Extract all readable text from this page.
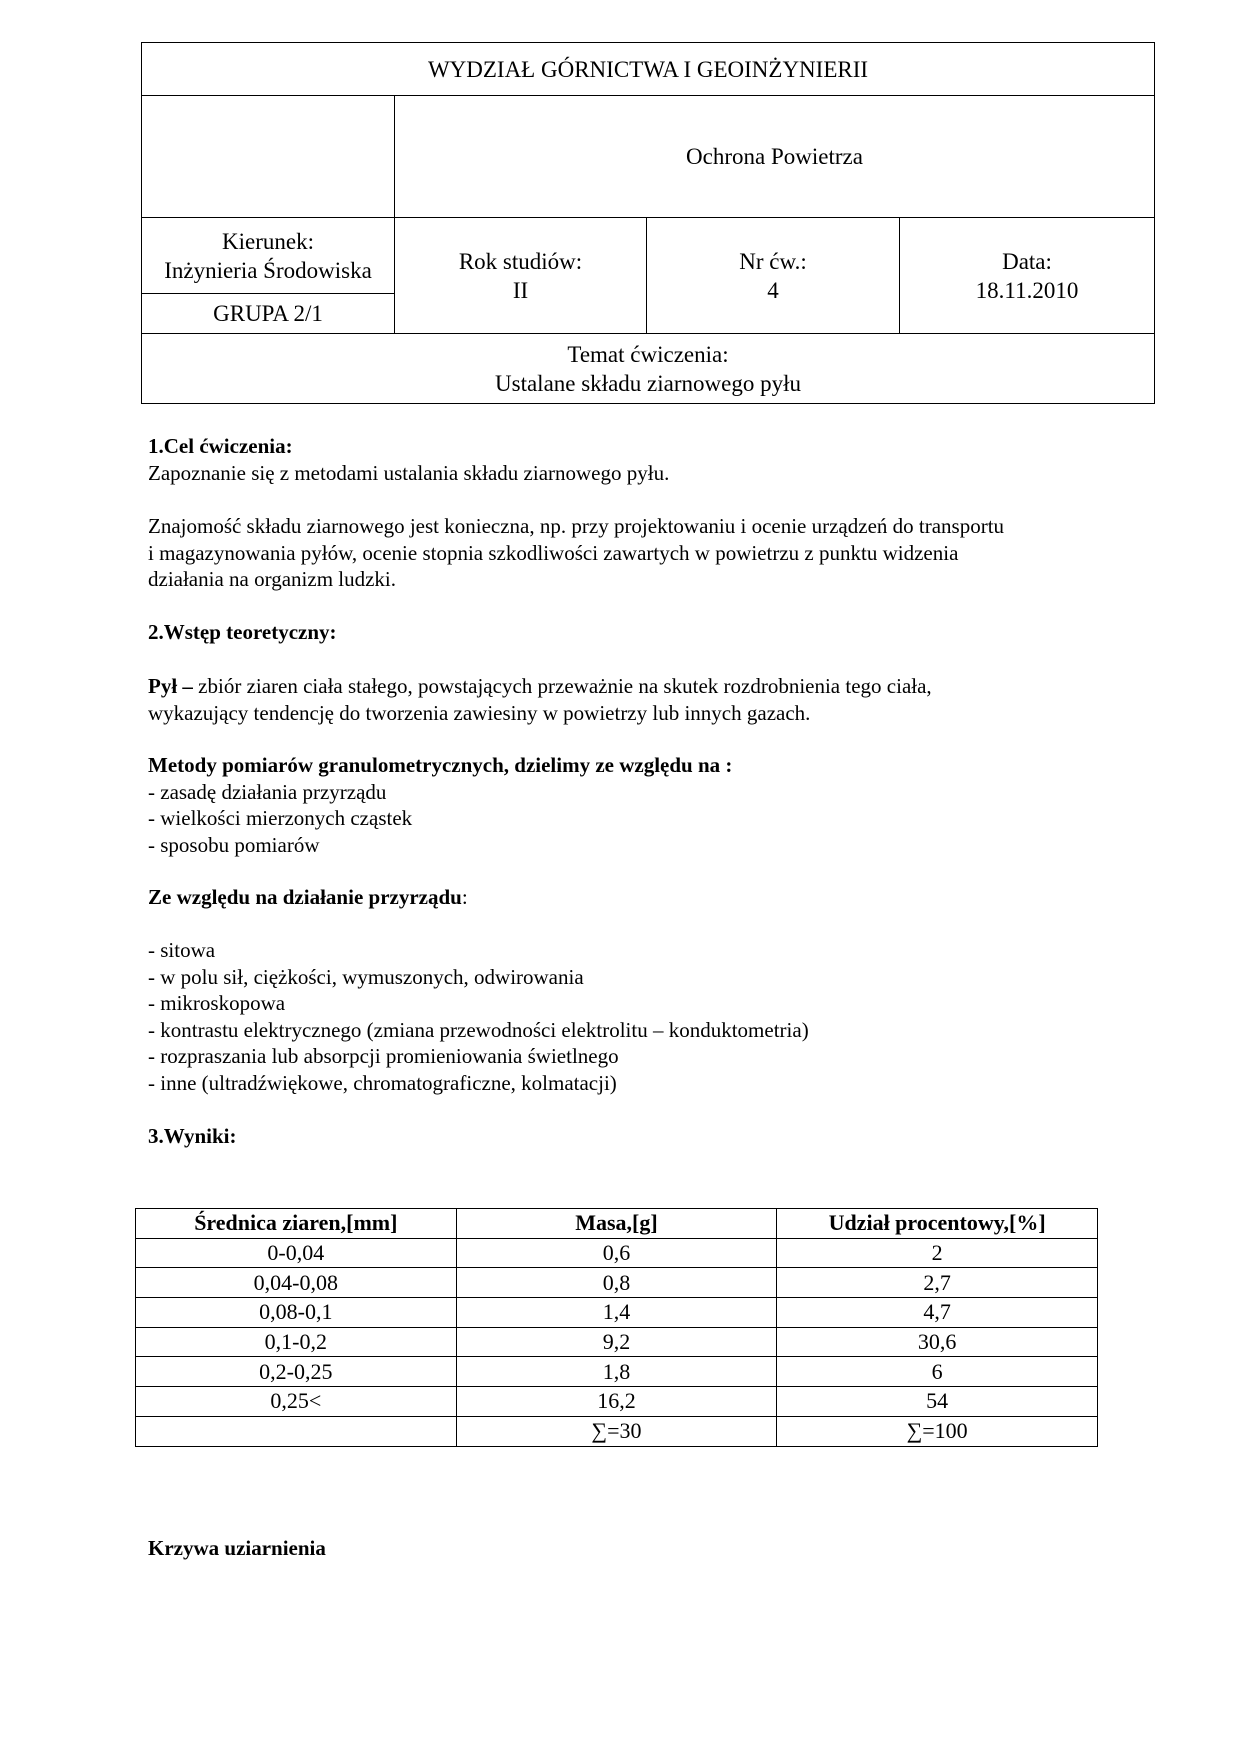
WYDZIAŁ GÓRNICTWA I GEOINŻYNIERII
Ochrona Powietrza
Kierunek:
Inżynieria Środowiska
GRUPA 2/1
Rok studiów:
II
Nr ćw.:
4
Data:
18.11.2010
Temat ćwiczenia:
Ustalane składu ziarnowego pyłu

1.Cel ćwiczenia:

Zapoznanie się z metodami ustalania składu ziarnowego pyłu.

Znajomość składu ziarnowego jest konieczna, np. przy projektowaniu i ocenie urządzeń do transportu

i magazynowania pyłów, ocenie stopnia szkodliwości zawartych w powietrzu z punktu widzenia

działania na organizm ludzki.

2.Wstęp teoretyczny:

Pył – zbiór ziaren ciała stałego, powstających przeważnie na skutek rozdrobnienia tego ciała,

wykazujący tendencję do tworzenia zawiesiny w powietrzy lub innych gazach.

Metody pomiarów granulometrycznych, dzielimy ze względu na :

- zasadę działania przyrządu

- wielkości mierzonych cząstek

- sposobu pomiarów

Ze względu na działanie przyrządu:

- sitowa

- w polu sił, ciężkości, wymuszonych, odwirowania

- mikroskopowa

- kontrastu elektrycznego (zmiana przewodności elektrolitu – konduktometria)

- rozpraszania lub absorpcji promieniowania świetlnego

- inne (ultradźwiękowe, chromatograficzne, kolmatacji)

3.Wyniki:

Średnica ziaren,[mm]	Masa,[g]	Udział procentowy,[%]
0-0,04	0,6	2
0,04-0,08	0,8	2,7
0,08-0,1	1,4	4,7
0,1-0,2	9,2	30,6
0,2-0,25	1,8	6
0,25<	16,2	54
	∑=30	∑=100

Krzywa uziarnienia
